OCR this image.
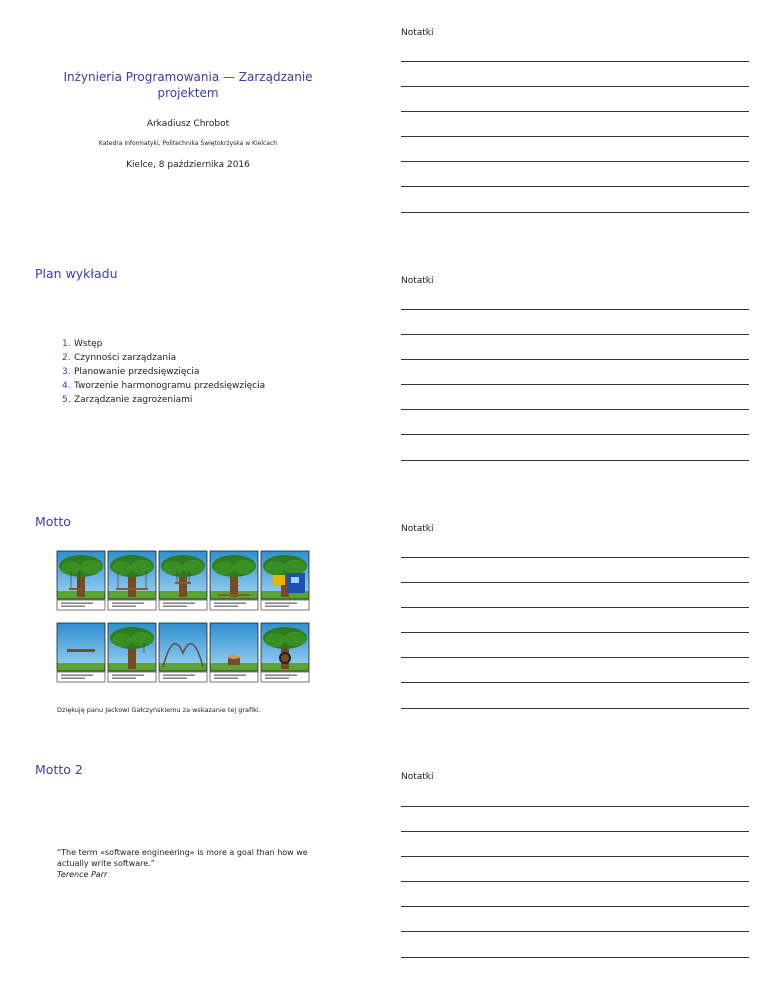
Notatki
Inżynieria Programowania — Zarządzanie
projektem
Arkadiusz Chrobot
Katedra Informatyki, Politechnika Świętokrzyska w Kielcach
Kielce, 8 października 2016
Plan wykładu
1. Wstęp
2. Czynności zarządzania
3. Planowanie przedsięwzięcia
4. Tworzenie harmonogramu przedsięwzięcia
5. Zarządzanie zagrożeniami
Notatki
Motto
Dziękuję panu Jackowi Gałczyńskiemu za wskazanie tej grafiki.
Notatki
Motto 2
“The term «software engineering» is more a goal than how we
actually write software.”
Terence Parr
Notatki
